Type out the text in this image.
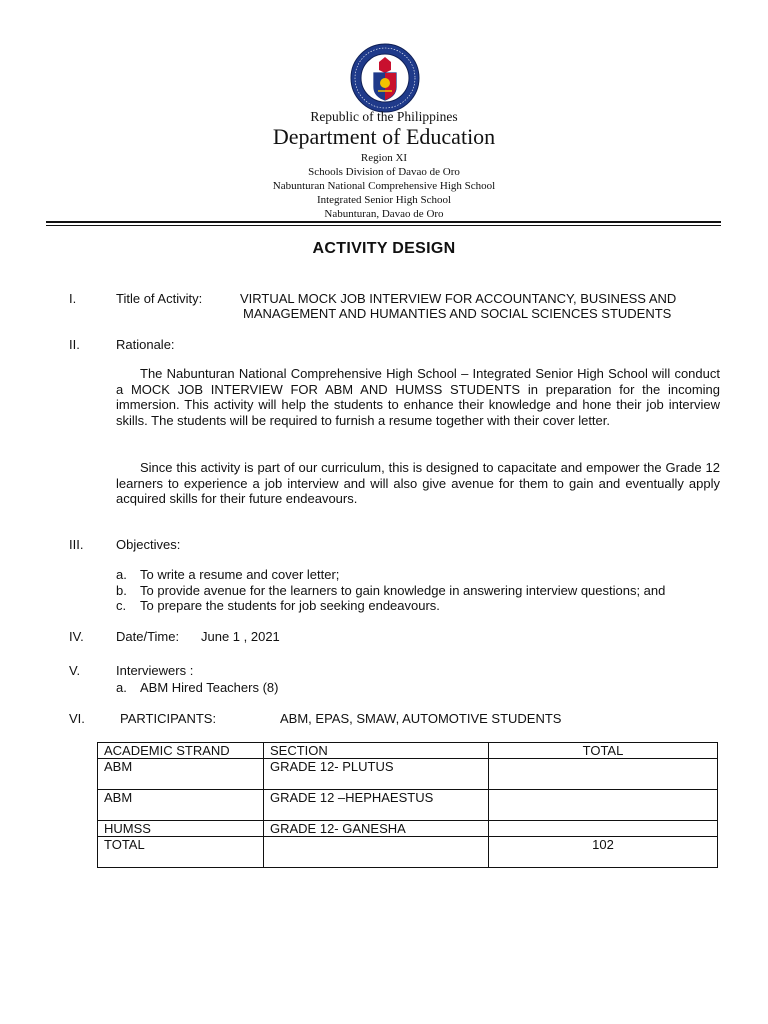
Republic of the Philippines
Department of Education
Region XI
Schools Division of Davao de Oro
Nabunturan National Comprehensive High School
Integrated Senior High School
Nabunturan, Davao de Oro
ACTIVITY DESIGN
I.	Title of Activity:	VIRTUAL MOCK JOB INTERVIEW FOR ACCOUNTANCY, BUSINESS AND
MANAGEMENT AND HUMANTIES AND SOCIAL SCIENCES STUDENTS
II.	Rationale:
The Nabunturan National Comprehensive High School – Integrated Senior High School will conduct a MOCK JOB INTERVIEW FOR ABM AND HUMSS STUDENTS in preparation for the incoming immersion. This activity will help the students to enhance their knowledge and hone their job interview skills. The students will be required to furnish a resume together with their cover letter.
Since this activity is part of our curriculum, this is designed to capacitate and empower the Grade 12 learners to experience a job interview and will also give avenue for them to gain and eventually apply acquired skills for their future endeavours.
III.	Objectives:
a. To write a resume and cover letter;
b. To provide avenue for the learners to gain knowledge in answering interview questions; and
c. To prepare the students for job seeking endeavours.
IV. Date/Time: June 1 , 2021
V.	Interviewers :
a. ABM Hired Teachers (8)
VI.	PARTICIPANTS:	ABM, EPAS, SMAW, AUTOMOTIVE STUDENTS
ACADEMIC STRAND	SECTION	TOTAL
ABM	GRADE 12- PLUTUS	
ABM	GRADE 12 –HEPHAESTUS	
HUMSS	GRADE 12- GANESHA	
TOTAL		102
